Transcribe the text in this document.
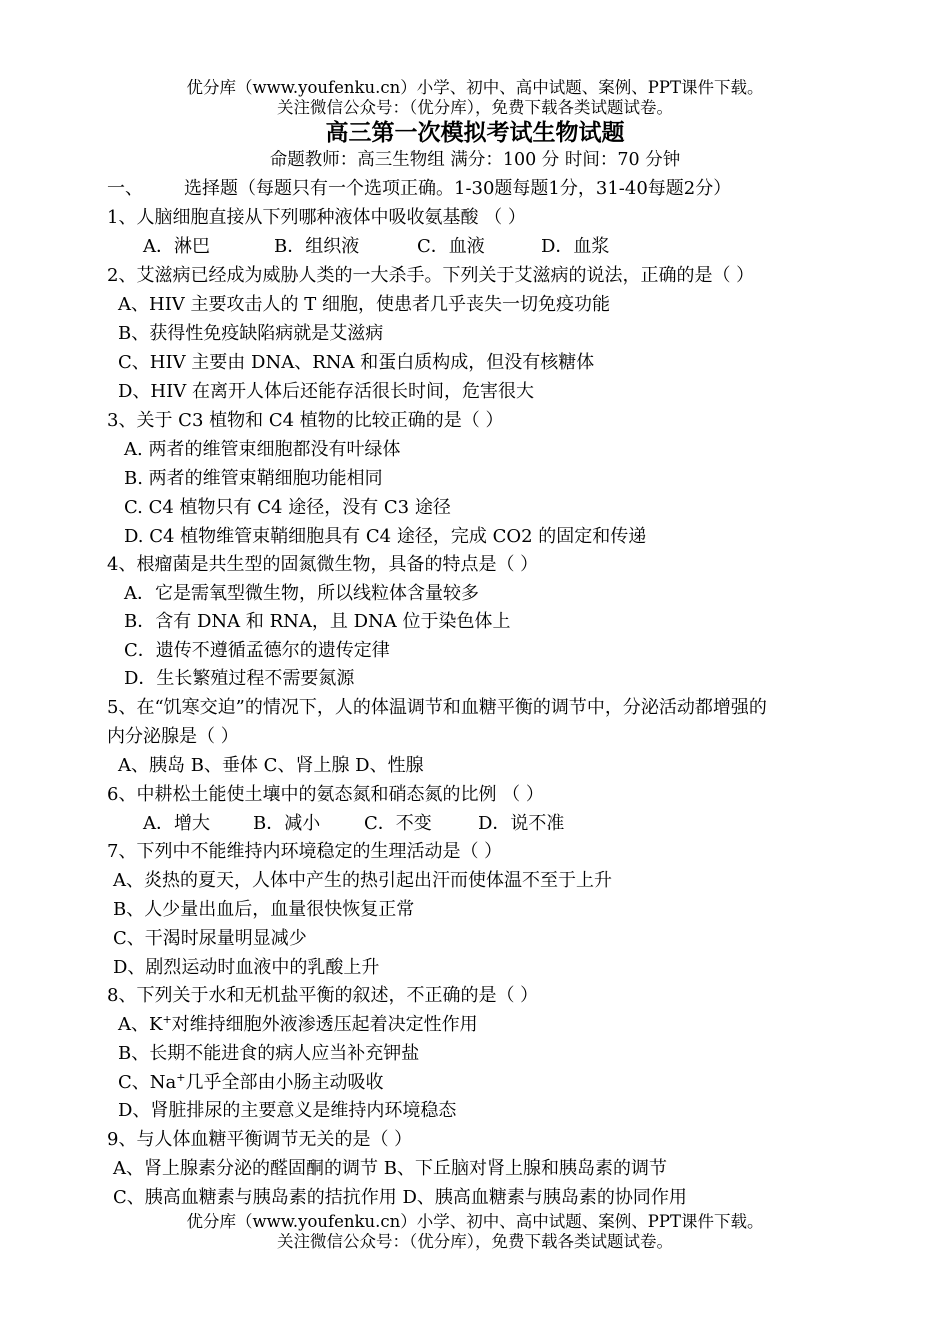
优分库（www.youfenku.cn）小学、初中、高中试题、案例、PPT课件下载。
关注微信公众号：（优分库），免费下载各类试题试卷。
高三第一次模拟考试生物试题
命题教师：高三生物组 满分：100 分 时间：70 分钟
一、 选择题（每题只有一个选项正确。1-30题每题1分，31-40每题2分）
1、人脑细胞直接从下列哪种液体中吸收氨基酸 （ ）
A．淋巴	B．组织液	C．血液	D．血浆
2、艾滋病已经成为威胁人类的一大杀手。下列关于艾滋病的说法，正确的是（ ）
A、HIV 主要攻击人的 T 细胞，使患者几乎丧失一切免疫功能
B、获得性免疫缺陷病就是艾滋病
C、HIV 主要由 DNA、RNA 和蛋白质构成，但没有核糖体
D、HIV 在离开人体后还能存活很长时间，危害很大
3、关于 C3 植物和 C4 植物的比较正确的是（ ）
A. 两者的维管束细胞都没有叶绿体
B. 两者的维管束鞘细胞功能相同
C. C4 植物只有 C4 途径，没有 C3 途径
D. C4 植物维管束鞘细胞具有 C4 途径，完成 CO2 的固定和传递
4、根瘤菌是共生型的固氮微生物，具备的特点是（ ）
A．它是需氧型微生物，所以线粒体含量较多
B．含有 DNA 和 RNA，且 DNA 位于染色体上
C．遗传不遵循孟德尔的遗传定律
D．生长繁殖过程不需要氮源
5、在“饥寒交迫”的情况下，人的体温调节和血糖平衡的调节中，分泌活动都增强的
内分泌腺是（ ）
A、胰岛 B、垂体 C、肾上腺 D、性腺
6、中耕松土能使土壤中的氨态氮和硝态氮的比例 （ ）
A．增大 B．减小 C．不变	D．说不准
7、下列中不能维持内环境稳定的生理活动是（ ）
A、炎热的夏天，人体中产生的热引起出汗而使体温不至于上升
B、人少量出血后，血量很快恢复正常
C、干渴时尿量明显减少
D、剧烈运动时血液中的乳酸上升
8、下列关于水和无机盐平衡的叙述，不正确的是（ ）
A、K+对维持细胞外液渗透压起着决定性作用
B、长期不能进食的病人应当补充钾盐
C、Na+几乎全部由小肠主动吸收
D、肾脏排尿的主要意义是维持内环境稳态
9、与人体血糖平衡调节无关的是（ ）
A、肾上腺素分泌的醛固酮的调节 B、下丘脑对肾上腺和胰岛素的调节
C、胰高血糖素与胰岛素的拮抗作用 D、胰高血糖素与胰岛素的协同作用
优分库（www.youfenku.cn）小学、初中、高中试题、案例、PPT课件下载。
关注微信公众号：（优分库），免费下载各类试题试卷。
